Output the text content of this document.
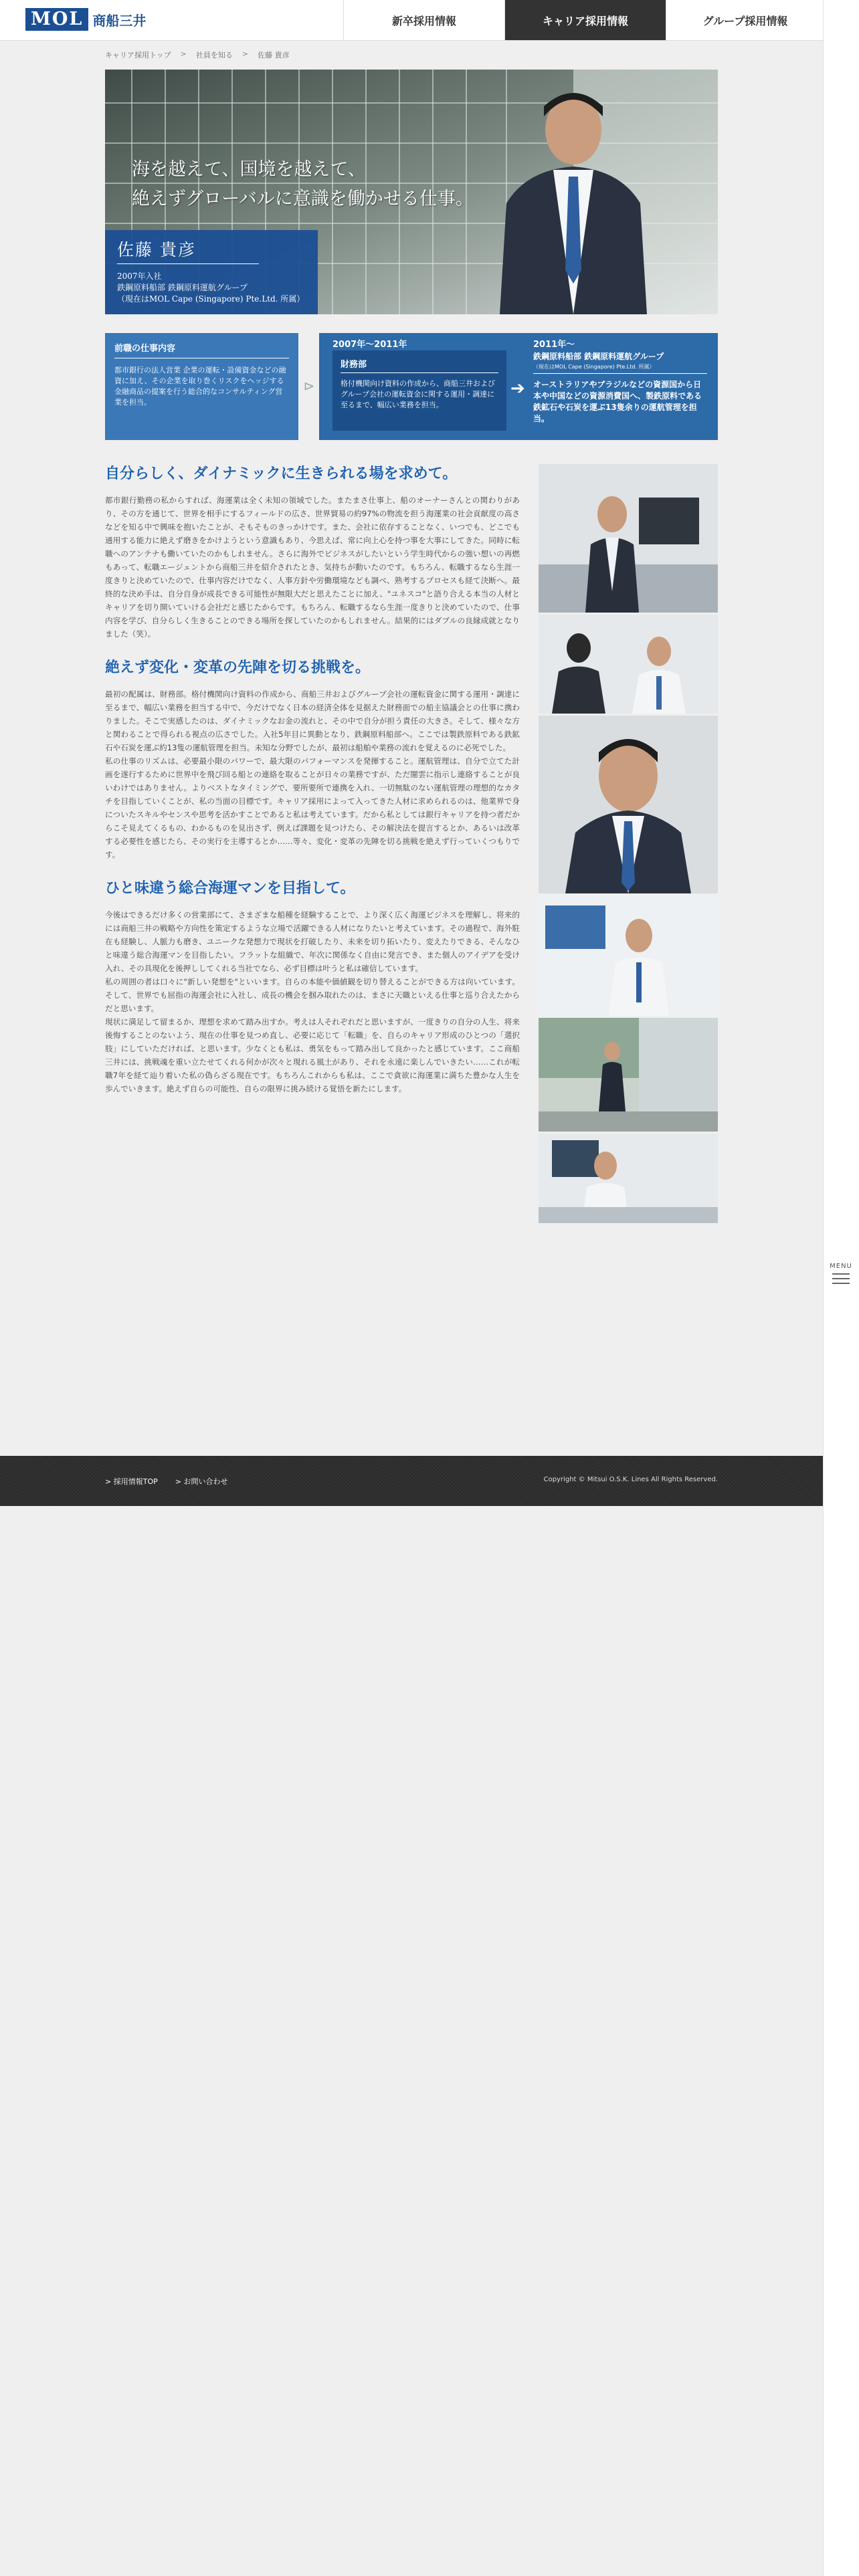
MOL 商船三井	新卒採用情報	キャリア採用情報	グループ採用情報
キャリア採用トップ > 社員を知る > 佐藤 貴彦
海を越えて、国境を越えて、
絶えずグローバルに意識を働かせる仕事。
佐藤 貴彦
2007年入社
鉄鋼原料船部 鉄鋼原料運航グループ
（現在はMOL Cape (Singapore) Pte.Ltd. 所属）
前職の仕事内容
都市銀行の法人営業 企業の運転・設備資金などの融資に加え、その企業を取り巻くリスクをヘッジする金融商品の提案を行う総合的なコンサルティング営業を担当。
⊳
2007年〜2011年
財務部
格付機関向け資料の作成から、商船三井およびグループ会社の運転資金に関する運用・調達に至るまで、幅広い業務を担当。
➔
2011年〜
鉄鋼原料船部 鉄鋼原料運航グループ
（現在はMOL Cape (Singapore) Pte.Ltd. 所属）
オーストラリアやブラジルなどの資源国から日本や中国などの資源消費国へ、製鉄原料である鉄鉱石や石炭を運ぶ13隻余りの運航管理を担当。
自分らしく、ダイナミックに生きられる場を求めて。

都市銀行勤務の私からすれば、海運業は全く未知の領域でした。またまさ仕事上、船のオーナーさんとの関わりがあり、その方を通じて、世界を相手にするフィールドの広さ、世界貿易の約97%の物流を担う海運業の社会貢献度の高さなどを知る中で興味を抱いたことが、そもそものきっかけです。また、会社に依存することなく、いつでも、どこでも通用する能力に絶えず磨きをかけようという意識もあり、今思えば、常に向上心を持つ事を大事にしてきた。同時に転職へのアンテナも働いていたのかもしれません。さらに海外でビジネスがしたいという学生時代からの強い想いの再燃もあって、転職エージェントから商船三井を紹介されたとき、気持ちが動いたのです。もちろん、転職するなら生涯一度きりと決めていたので、仕事内容だけでなく、人事方針や労働環境なども調べ、熟考するプロセスも経て決断へ。最終的な決め手は、自分自身が成長できる可能性が無限大だと思えたことに加え、"ユネスコ"と語り合える本当の人材とキャリアを切り開いていける会社だと感じたからです。もちろん、転職するなら生涯一度きりと決めていたので、仕事内容を学び、自分らしく生きることのできる場所を探していたのかもしれません。結果的にはダブルの良縁成就となりました（笑）。

絶えず変化・変革の先陣を切る挑戦を。

最初の配属は、財務部。格付機関向け資料の作成から、商船三井およびグループ会社の運転資金に関する運用・調達に至るまで、幅広い業務を担当する中で、今だけでなく日本の経済全体を見据えた財務面での船主協議会との仕事に携わりました。そこで実感したのは、ダイナミックなお金の流れと、その中で自分が担う責任の大きさ。そして、様々な方と関わることで得られる視点の広さでした。入社5年目に異動となり、鉄鋼原料船部へ。ここでは製鉄原料である鉄鉱石や石炭を運ぶ約13隻の運航管理を担当。未知な分野でしたが、最初は船舶や業務の流れを覚えるのに必死でした。
私の仕事のリズムは、必要最小限のパワーで、最大限のパフォーマンスを発揮すること。運航管理は、自分で立てた計画を遂行するために世界中を飛び回る船との連絡を取ることが日々の業務ですが、ただ闇雲に指示し連絡することが良いわけではありません。よりベストなタイミングで、要所要所で連携を入れ、一切無駄のない運航管理の理想的なカタチを目指していくことが、私の当面の目標です。キャリア採用によって入ってきた人材に求められるのは、他業界で身についたスキルやセンスや思考を活かすことであると私は考えています。だから私としては銀行キャリアを持つ者だからこそ見えてくるもの、わかるものを見出さず、例えば課題を見つけたら、その解決法を提言するとか、あるいは改革する必要性を感じたら、その実行を主導するとか……等々、変化・変革の先陣を切る挑戦を絶えず行っていくつもりです。

ひと味違う総合海運マンを目指して。

今後はできるだけ多くの営業部にて、さまざまな船種を経験することで、より深く広く海運ビジネスを理解し、将来的には商船三井の戦略や方向性を策定するような立場で活躍できる人材になりたいと考えています。その過程で、海外駐在も経験し、人脈力も磨き、ユニークな発想力で現状を打破したり、未来を切り拓いたり、変えたりできる、そんなひと味違う総合海運マンを目指したい。フラットな組織で、年次に関係なく自由に発言でき、また個人のアイデアを受け入れ、その具現化を後押ししてくれる当社でなら、必ず目標は叶うと私は確信しています。
私の周囲の者は口々に"新しい発想を"といいます。自らの本能や価値観を切り替えることができる方は向いています。そして、世界でも屈指の海運会社に入社し、成長の機会を掴み取れたのは、まさに天職といえる仕事と巡り合えたからだと思います。
現状に満足して留まるか、理想を求めて踏み出すか。考えは人それぞれだと思いますが、一度きりの自分の人生、将来後悔することのないよう、現在の仕事を見つめ直し、必要に応じて「転職」を、自らのキャリア形成のひとつの「選択肢」にしていただければ、と思います。少なくとも私は、勇気をもって踏み出して良かったと感じています。ここ商船三井には、挑戦魂を重い立たせてくれる何かが次々と現れる風土があり、それを永遠に楽しんでいきたい……これが転職7年を経て辿り着いた私の偽らざる現在です。もちろんこれからも私は、ここで貪欲に海運業に満ちた豊かな人生を歩んでいきます。絶えず自らの可能性、自らの限界に挑み続ける覚悟を新たにします。

> 採用情報TOP > お問い合わせ	Copyright © Mitsui O.S.K. Lines All Rights Reserved.
MENU
